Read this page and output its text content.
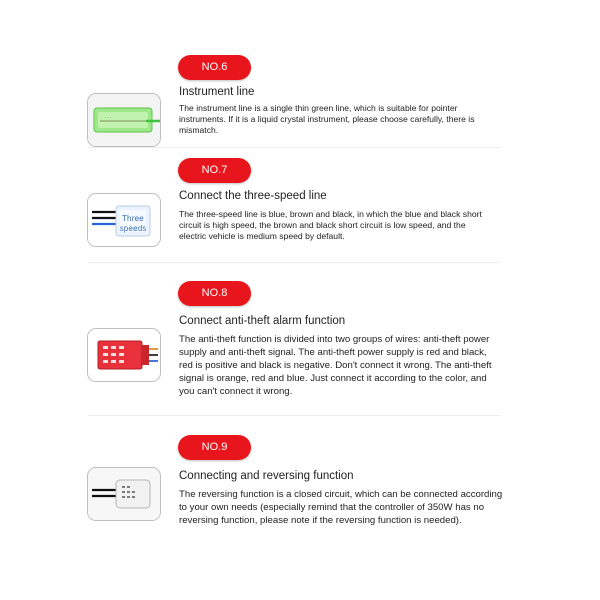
NO.6
· · ·
Instrument line
The instrument line is a single thin green line, which is suitable for pointer instruments. If it is a liquid crystal instrument, please choose carefully, there is mismatch.
NO.7
Three
speeds
Connect the three-speed line
The three-speed line is blue, brown and black, in which the blue and black short circuit is high speed, the brown and black short circuit is low speed, and the electric vehicle is medium speed by default.
NO.8
Connect anti-theft alarm function
The anti-theft function is divided into two groups of wires: anti-theft power supply and anti-theft signal. The anti-theft power supply is red and black, red is positive and black is negative. Don't connect it wrong. The anti-theft signal is orange, red and blue. Just connect it according to the color, and you can't connect it wrong.
NO.9
Connecting and reversing function
The reversing function is a closed circuit, which can be connected according to your own needs (especially remind that the controller of 350W has no reversing function, please note if the reversing function is needed).
